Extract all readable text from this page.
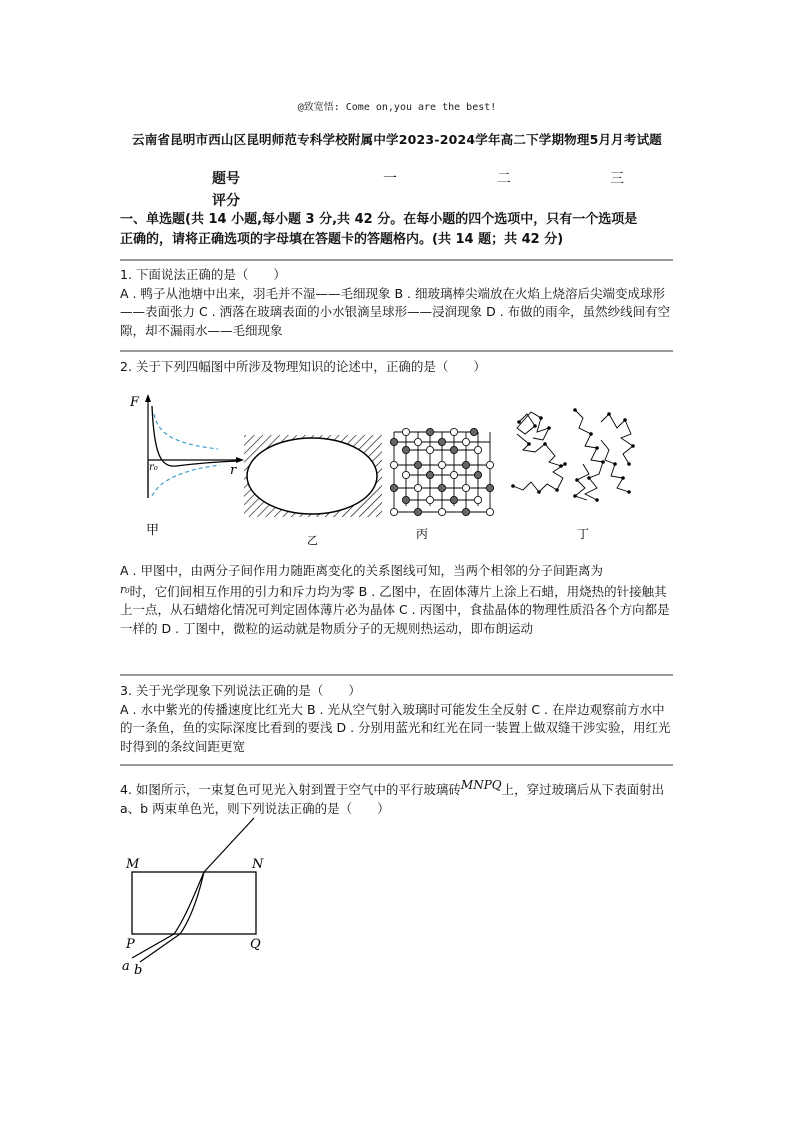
@致宽悟: Come on,you are the best!
云南省昆明市西山区昆明师范专科学校附属中学2023-2024学年高二下学期物理5月月考试题
题号	一	二	三
评分
一、单选题(共 14 小题,每小题 3 分,共 42 分。在每小题的四个选项中，只有一个选项是
正确的，请将正确选项的字母填在答题卡的答题格内。(共 14 题；共 42 分)
1. 下面说法正确的是（　　）
A . 鸭子从池塘中出来，羽毛并不湿——毛细现象 B . 细玻璃棒尖端放在火焰上烧溶后尖端变成球形——表面张力 C . 洒落在玻璃表面的小水银滴呈球形——浸润现象 D . 布做的雨伞，虽然纱线间有空隙，却不漏雨水——毛细现象
2. 关于下列四幅图中所涉及物理知识的论述中，正确的是（　　）
F
r
r₀
甲
乙	丙	丁
A . 甲图中，由两分子间作用力随距离变化的关系图线可知，当两个相邻的分子间距离为
r₀时，它们间相互作用的引力和斥力均为零 B . 乙图中，在固体薄片上涂上石蜡，用烧热的针接触其上一点，从石蜡熔化情况可判定固体薄片必为晶体 C . 丙图中，食盐晶体的物理性质沿各个方向都是一样的 D . 丁图中，微粒的运动就是物质分子的无规则热运动，即布朗运动
3. 关于光学现象下列说法正确的是（　　）
A . 水中紫光的传播速度比红光大 B . 光从空气射入玻璃时可能发生全反射 C . 在岸边观察前方水中的一条鱼，鱼的实际深度比看到的要浅 D . 分别用蓝光和红光在同一装置上做双缝干涉实验，用红光时得到的条纹间距更宽
4. 如图所示，一束复色可见光入射到置于空气中的平行玻璃砖MNPQ上，穿过玻璃后从下表面射出 a、b 两束单色光，则下列说法正确的是（　　）
M	N
P	Q
a b
